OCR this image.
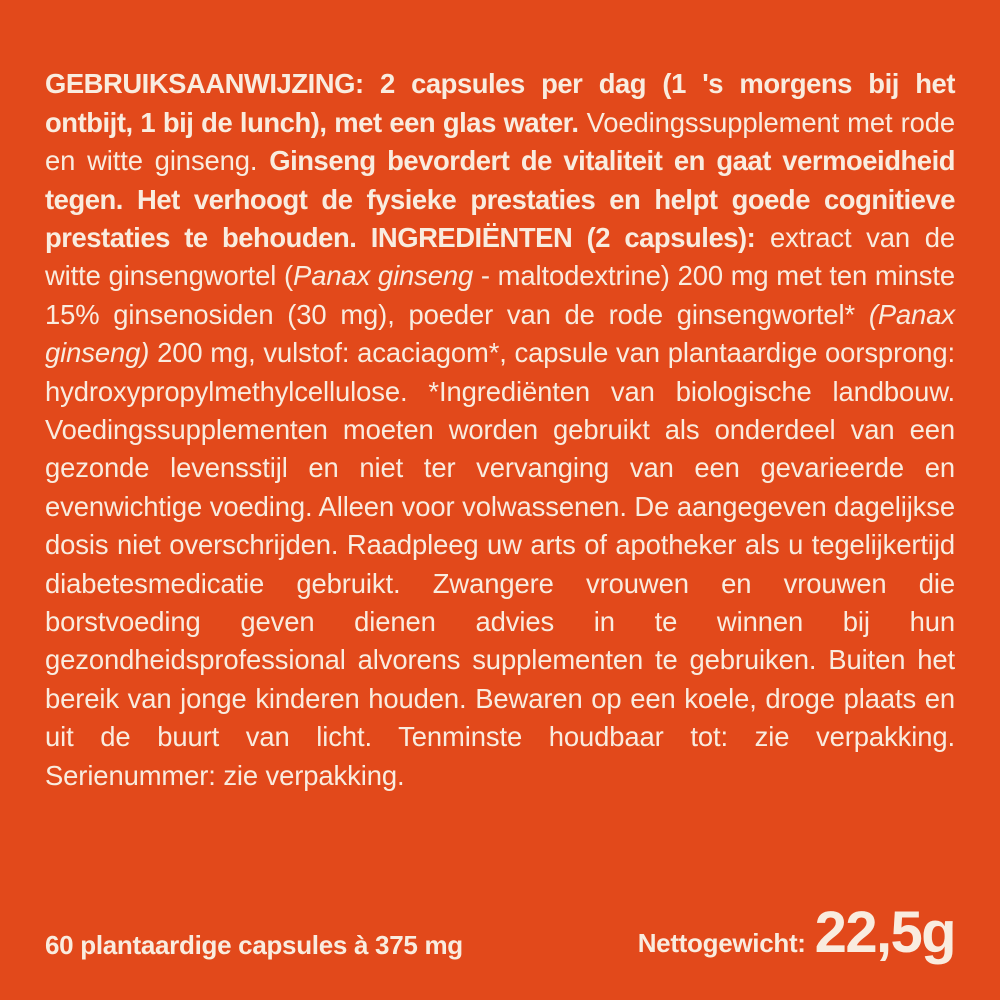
GEBRUIKSAANWIJZING: 2 capsules per dag (1 's morgens bij het ontbijt, 1 bij de lunch), met een glas water. Voedingssupplement met rode en witte ginseng. Ginseng bevordert de vitaliteit en gaat vermoeidheid tegen. Het verhoogt de fysieke prestaties en helpt goede cognitieve prestaties te behouden. INGREDIËNTEN (2 capsules): extract van de witte ginsengwortel (Panax ginseng - maltodextrine) 200 mg met ten minste 15% ginsenosiden (30 mg), poeder van de rode ginsengwortel* (Panax ginseng) 200 mg, vulstof: acaciagom*, capsule van plantaardige oorsprong: hydroxypropylmethylcellulose. *Ingrediënten van biologische landbouw. Voedingssupplementen moeten worden gebruikt als onderdeel van een gezonde levensstijl en niet ter vervanging van een gevarieerde en evenwichtige voeding. Alleen voor volwassenen. De aangegeven dagelijkse dosis niet overschrijden. Raadpleeg uw arts of apotheker als u tegelijkertijd diabetesmedicatie gebruikt. Zwangere vrouwen en vrouwen die borstvoeding geven dienen advies in te winnen bij hun gezondheidsprofessional alvorens supplementen te gebruiken. Buiten het bereik van jonge kinderen houden. Bewaren op een koele, droge plaats en uit de buurt van licht. Tenminste houdbaar tot: zie verpakking. Serienummer: zie verpakking.

60 plantaardige capsules à 375 mg	Nettogewicht: 22,5g
